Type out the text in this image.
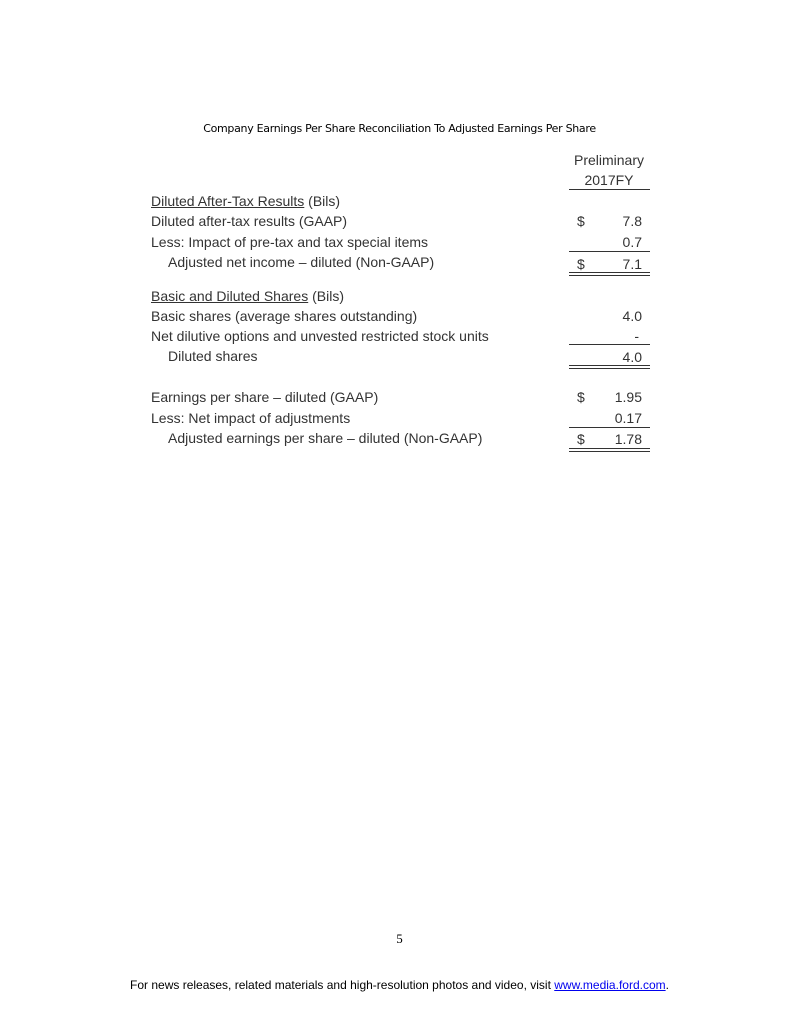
Company Earnings Per Share Reconciliation To Adjusted Earnings Per Share
Preliminary
2017FY
Diluted After-Tax Results (Bils)
Diluted after-tax results (GAAP)	$	7.8
Less: Impact of pre-tax and tax special items	0.7
Adjusted net income – diluted (Non-GAAP)	$	7.1
Basic and Diluted Shares (Bils)
Basic shares (average shares outstanding)	4.0
Net dilutive options and unvested restricted stock units	-
Diluted shares	4.0
Earnings per share – diluted (GAAP)	$ 1.95
Less: Net impact of adjustments	0.17
Adjusted earnings per share – diluted (Non-GAAP)	$ 1.78
5
For news releases, related materials and high-resolution photos and video, visit www.media.ford.com.
